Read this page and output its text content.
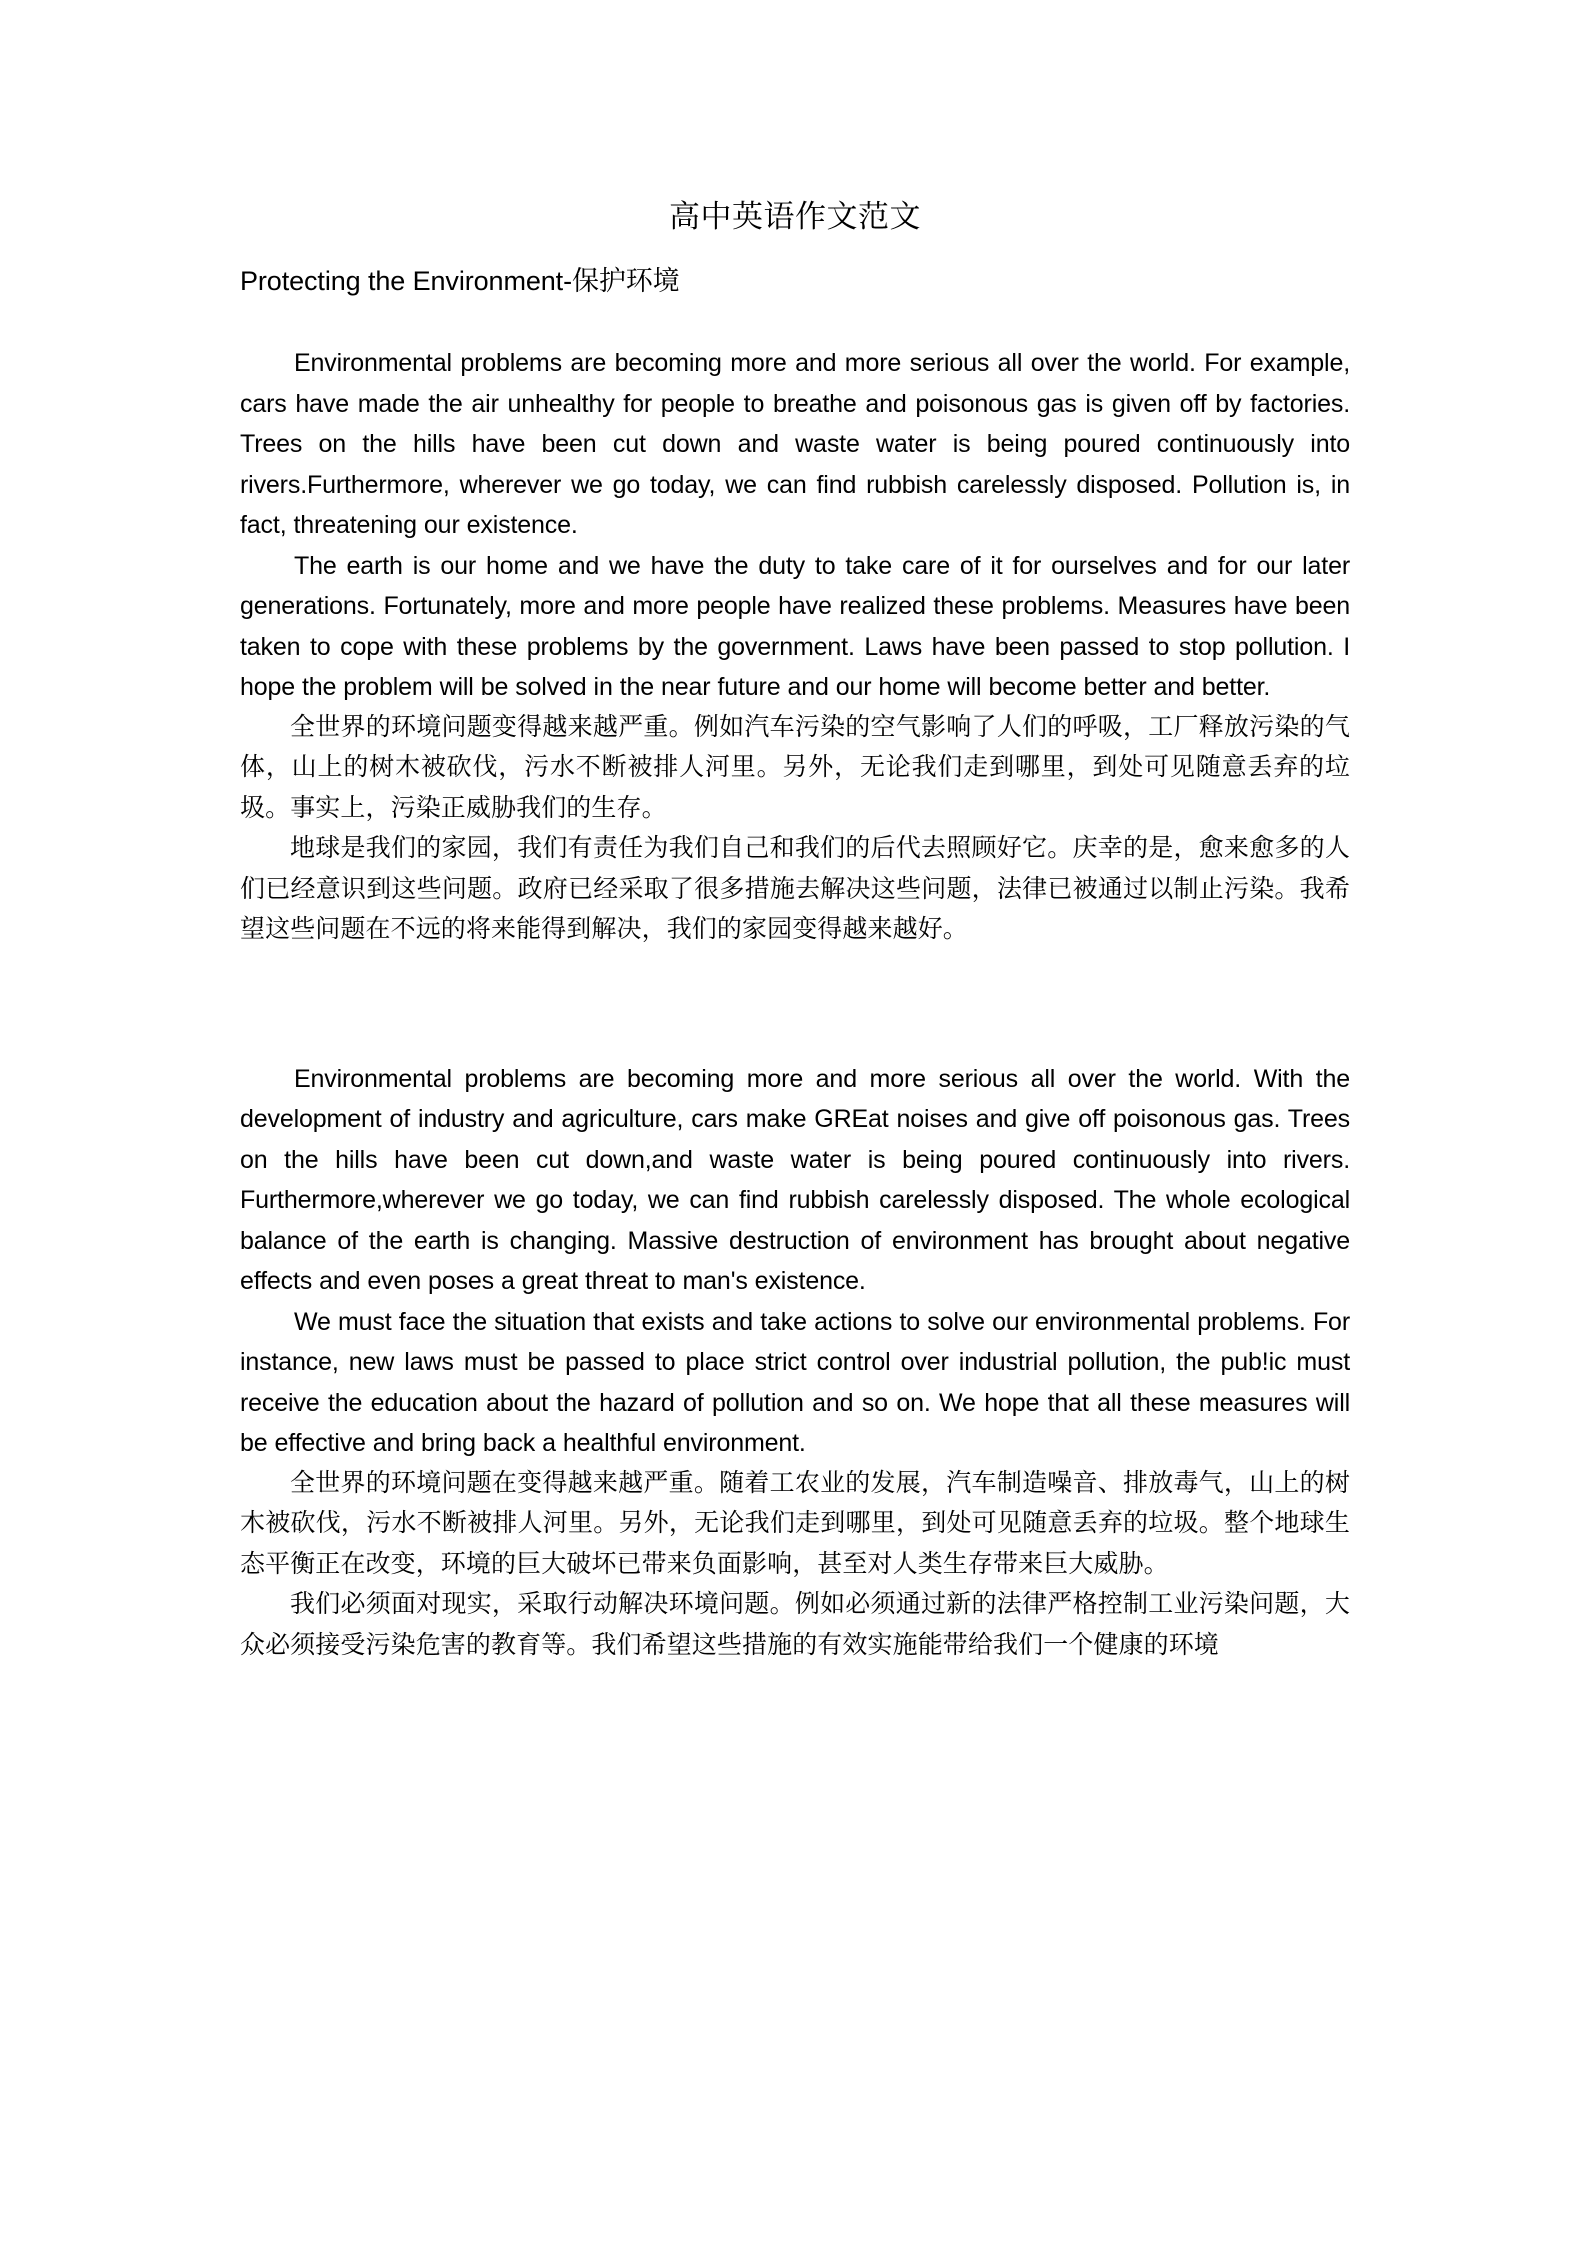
高中英语作文范文
Protecting the Environment-保护环境

Environmental problems are becoming more and more serious all over the world. For example, cars have made the air unhealthy for people to breathe and poisonous gas is given off by factories. Trees on the hills have been cut down and waste water is being poured continuously into rivers.Furthermore, wherever we go today, we can find rubbish carelessly disposed. Pollution is, in fact, threatening our existence.

The earth is our home and we have the duty to take care of it for ourselves and for our later generations. Fortunately, more and more people have realized these problems. Measures have been taken to cope with these problems by the government. Laws have been passed to stop pollution. I hope the problem will be solved in the near future and our home will become better and better.

全世界的环境问题变得越来越严重。例如汽车污染的空气影响了人们的呼吸，工厂释放污染的气体，山上的树木被砍伐，污水不断被排人河里。另外，无论我们走到哪里，到处可见随意丢弃的垃圾。事实上，污染正威胁我们的生存。

地球是我们的家园，我们有责任为我们自己和我们的后代去照顾好它。庆幸的是，愈来愈多的人们已经意识到这些问题。政府已经采取了很多措施去解决这些问题，法律已被通过以制止污染。我希望这些问题在不远的将来能得到解决，我们的家园变得越来越好。

Environmental problems are becoming more and more serious all over the world. With the development of industry and agriculture, cars make GREat noises and give off poisonous gas. Trees on the hills have been cut down,and waste water is being poured continuously into rivers. Furthermore,wherever we go today, we can find rubbish carelessly disposed. The whole ecological balance of the earth is changing. Massive destruction of environment has brought about negative effects and even poses a great threat to man's existence.

We must face the situation that exists and take actions to solve our environmental problems. For instance, new laws must be passed to place strict control over industrial pollution, the pub!ic must receive the education about the hazard of pollution and so on. We hope that all these measures will be effective and bring back a healthful environment.

全世界的环境问题在变得越来越严重。随着工农业的发展，汽车制造噪音、排放毒气，山上的树木被砍伐，污水不断被排人河里。另外，无论我们走到哪里，到处可见随意丢弃的垃圾。整个地球生态平衡正在改变，环境的巨大破坏已带来负面影响，甚至对人类生存带来巨大威胁。

我们必须面对现实，采取行动解决环境问题。例如必须通过新的法律严格控制工业污染问题，大众必须接受污染危害的教育等。我们希望这些措施的有效实施能带给我们一个健康的环境
